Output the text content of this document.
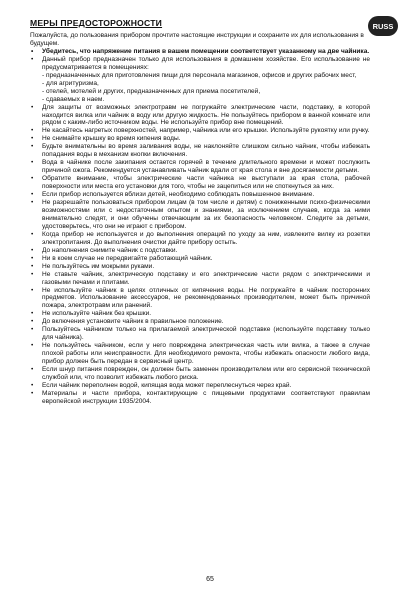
МЕРЫ ПРЕДОСТОРОЖНОСТИ	RUSS
Пожалуйста, до пользования прибором прочтите настоящие инструкции и сохраните их для использования в будущем.
• Убедитесь, что напряжение питания в вашем помещении соответствует указанному на две чайника.
• Данный прибор предназначен только для использования в домашнем хозяйстве. Его использование не предусматривается в помещениях:
- предназначенных для приготовления пищи для персонала магазинов, офисов и других рабочих мест,
- для агритуризма,
- отелей, мотелей и других, предназначенных для приема посетителей,
- сдаваемых в наем.
• Для защиты от возможных электротравм не погружайте электрические части, подставку, в которой находится вилка или чайник в воду или другую жидкость. Не пользуйтесь прибором в ванной комнате или рядом с каким-либо источником воды. Не используйте прибор вне помещений.
• Не касайтесь нагретых поверхностей, например, чайника или его крышки. Используйте рукоятку или ручку.
• Не снимайте крышку во время кипения воды.
• Будьте внимательны во время заливания воды, не наклоняйте слишком сильно чайник, чтобы избежать попадания воды в механизм кнопки включения.
• Вода в чайнике после закипания остается горячей в течение длительного времени и может послужить причиной ожога. Рекомендуется устанавливать чайник вдали от края стола и вне досягаемости детьми.
• Обратите внимание, чтобы электрические части чайника не выступали за края стола, рабочей поверхности или места его установки для того, чтобы не зацепиться или не споткнуться за них.
• Если прибор используется вблизи детей, необходимо соблюдать повышенное внимание.
• Не разрешайте пользоваться прибором лицам (в том числе и детям) с пониженными психо-физическими возможностями или с недостаточным опытом и знаниями, за исключением случаев, когда за ними внимательно следят, и они обучены отвечающим за их безопасность человеком. Следите за детьми, удостоверьтесь, что они не играют с прибором.
• Когда прибор не используется и до выполнения операций по уходу за ним, извлеките вилку из розетки электропитания. До выполнения очистки дайте прибору остыть.
• До наполнения снимите чайник с подставки.
• Ни в коем случае не передвигайте работающий чайник.
• Не пользуйтесь им мокрыми руками.
• Не ставьте чайник, электрическую подставку и его электрические части рядом с электрическими и газовыми печами и плитами.
• Не используйте чайник в целях отличных от кипячения воды. Не погружайте в чайник посторонних предметов. Использование аксессуаров, не рекомендованных производителем, может быть причиной пожара, электротравм или ранений.
• Не используйте чайник без крышки.
• До включения установите чайник в правильное положение.
• Пользуйтесь чайником только на прилагаемой электрической подставке (используйте подставку только для чайника).
• Не пользуйтесь чайником, если у него повреждена электрическая часть или вилка, а также в случае плохой работы или неисправности. Для необходимого ремонта, чтобы избежать опасности любого вида, прибор должен быть передан в сервисный центр.
• Если шнур питания поврежден, он должен быть заменен производителем или его сервисной технической службой или, что позволит избежать любого риска.
• Если чайник переполнен водой, кипящая вода может переплеснуться через край.
• Материалы и части прибора, контактирующие с пищевыми продуктами соответствуют правилам европейской инструкции 1935/2004.
65
